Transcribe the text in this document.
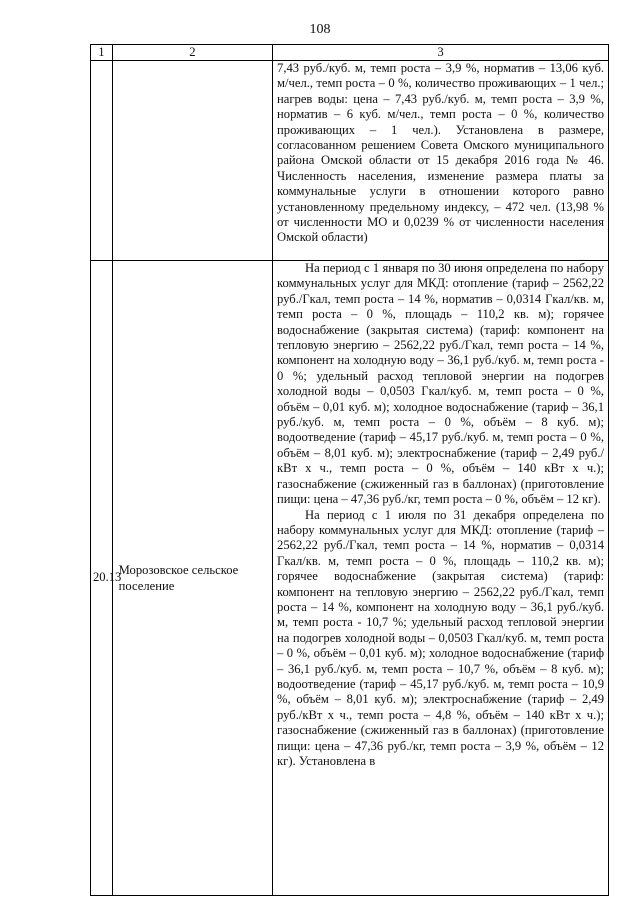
108
1	2	3

		7,43 руб./куб. м, темп роста – 3,9 %, норматив – 13,06 куб. м/чел., темп роста – 0 %, количество проживающих – 1 чел.; нагрев воды: цена – 7,43 руб./куб. м, темп роста – 3,9 %, норматив – 6 куб. м/чел., темп роста – 0 %, количество проживающих – 1 чел.). Установлена в размере, согласованном решением Совета Омского муниципального района Омской области от 15 декабря 2016 года № 46. Численность населения, изменение размера платы за коммунальные услуги в отношении которого равно установленному предельному индексу, – 472 чел. (13,98 % от численности МО и 0,0239 % от численности населения Омской области)

20.13	Морозовское сельское поселение	На период с 1 января по 30 июня определена по набору коммунальных услуг для МКД: отопление (тариф – 2562,22 руб./Гкал, темп роста – 14 %, норматив – 0,0314 Гкал/кв. м, темп роста – 0 %, площадь – 110,2 кв. м); горячее водоснабжение (закрытая система) (тариф: компонент на тепловую энергию – 2562,22 руб./Гкал, темп роста – 14 %, компонент на холодную воду – 36,1 руб./куб. м, темп роста - 0 %; удельный расход тепловой энергии на подогрев холодной воды – 0,0503 Гкал/куб. м, темп роста – 0 %, объём – 0,01 куб. м); холодное водоснабжение (тариф – 36,1 руб./куб. м, темп роста – 0 %, объём – 8 куб. м); водоотведение (тариф – 45,17 руб./куб. м, темп роста – 0 %, объём – 8,01 куб. м); электроснабжение (тариф – 2,49 руб./кВт х ч., темп роста – 0 %, объём – 140 кВт х ч.); газоснабжение (сжиженный газ в баллонах) (приготовление пищи: цена – 47,36 руб./кг, темп роста – 0 %, объём – 12 кг).
На период с 1 июля по 31 декабря определена по набору коммунальных услуг для МКД: отопление (тариф – 2562,22 руб./Гкал, темп роста – 14 %, норматив – 0,0314 Гкал/кв. м, темп роста – 0 %, площадь – 110,2 кв. м); горячее водоснабжение (закрытая система) (тариф: компонент на тепловую энергию – 2562,22 руб./Гкал, темп роста – 14 %, компонент на холодную воду – 36,1 руб./куб. м, темп роста - 10,7 %; удельный расход тепловой энергии на подогрев холодной воды – 0,0503 Гкал/куб. м, темп роста – 0 %, объём – 0,01 куб. м); холодное водоснабжение (тариф – 36,1 руб./куб. м, темп роста – 10,7 %, объём – 8 куб. м); водоотведение (тариф – 45,17 руб./куб. м, темп роста – 10,9 %, объём – 8,01 куб. м); электроснабжение (тариф – 2,49 руб./кВт х ч., темп роста – 4,8 %, объём – 140 кВт х ч.); газоснабжение (сжиженный газ в баллонах) (приготовление пищи: цена – 47,36 руб./кг, темп роста – 3,9 %, объём – 12 кг). Установлена в
